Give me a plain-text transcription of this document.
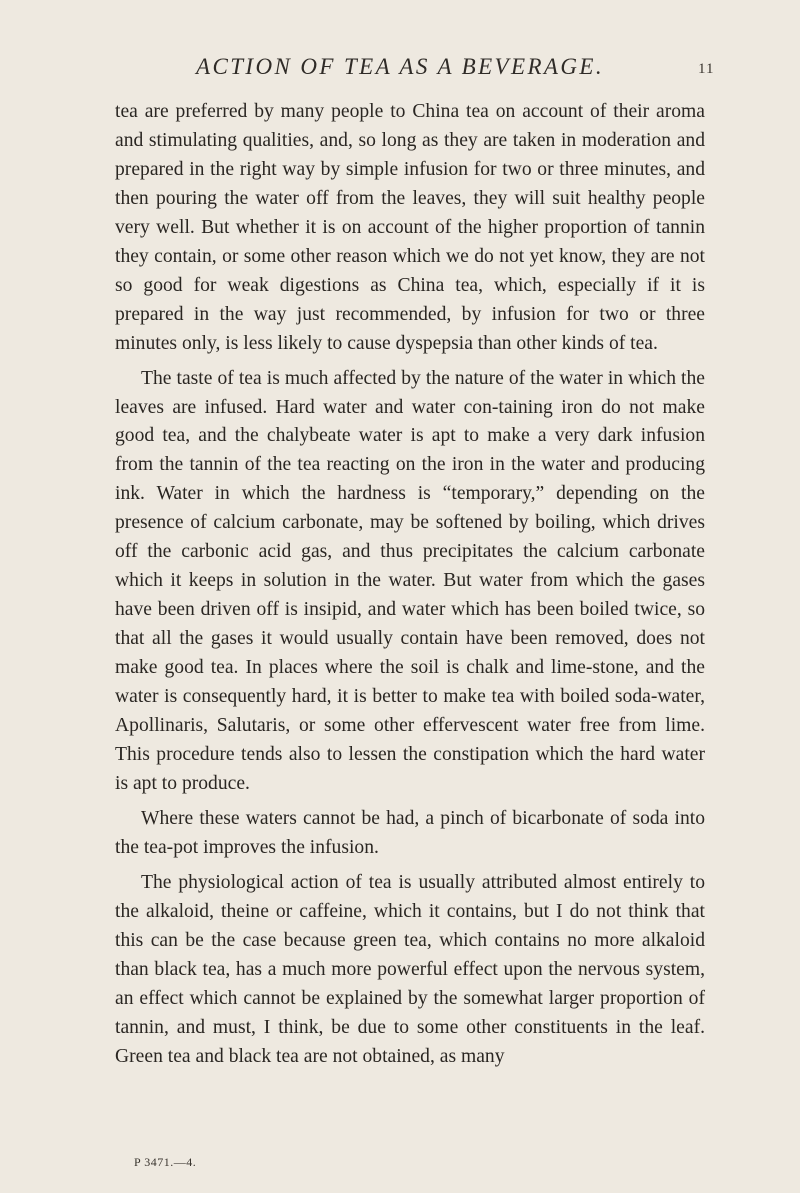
ACTION OF TEA AS A BEVERAGE.	11

tea are preferred by many people to China tea on account of their aroma and stimulating qualities, and, so long as they are taken in moderation and prepared in the right way by simple infusion for two or three minutes, and then pouring the water off from the leaves, they will suit healthy people very well. But whether it is on account of the higher proportion of tannin they contain, or some other reason which we do not yet know, they are not so good for weak digestions as China tea, which, especially if it is prepared in the way just recommended, by infusion for two or three minutes only, is less likely to cause dyspepsia than other kinds of tea.

The taste of tea is much affected by the nature of the water in which the leaves are infused. Hard water and water con-taining iron do not make good tea, and the chalybeate water is apt to make a very dark infusion from the tannin of the tea reacting on the iron in the water and producing ink. Water in which the hardness is “temporary,” depending on the presence of calcium carbonate, may be softened by boiling, which drives off the carbonic acid gas, and thus precipitates the calcium carbonate which it keeps in solution in the water. But water from which the gases have been driven off is insipid, and water which has been boiled twice, so that all the gases it would usually contain have been removed, does not make good tea. In places where the soil is chalk and lime-stone, and the water is consequently hard, it is better to make tea with boiled soda-water, Apollinaris, Salutaris, or some other effervescent water free from lime. This procedure tends also to lessen the constipation which the hard water is apt to produce.

Where these waters cannot be had, a pinch of bicarbonate of soda into the tea-pot improves the infusion.

The physiological action of tea is usually attributed almost entirely to the alkaloid, theine or caffeine, which it contains, but I do not think that this can be the case because green tea, which contains no more alkaloid than black tea, has a much more powerful effect upon the nervous system, an effect which cannot be explained by the somewhat larger proportion of tannin, and must, I think, be due to some other constituents in the leaf. Green tea and black tea are not obtained, as many

P 3471.—4.
